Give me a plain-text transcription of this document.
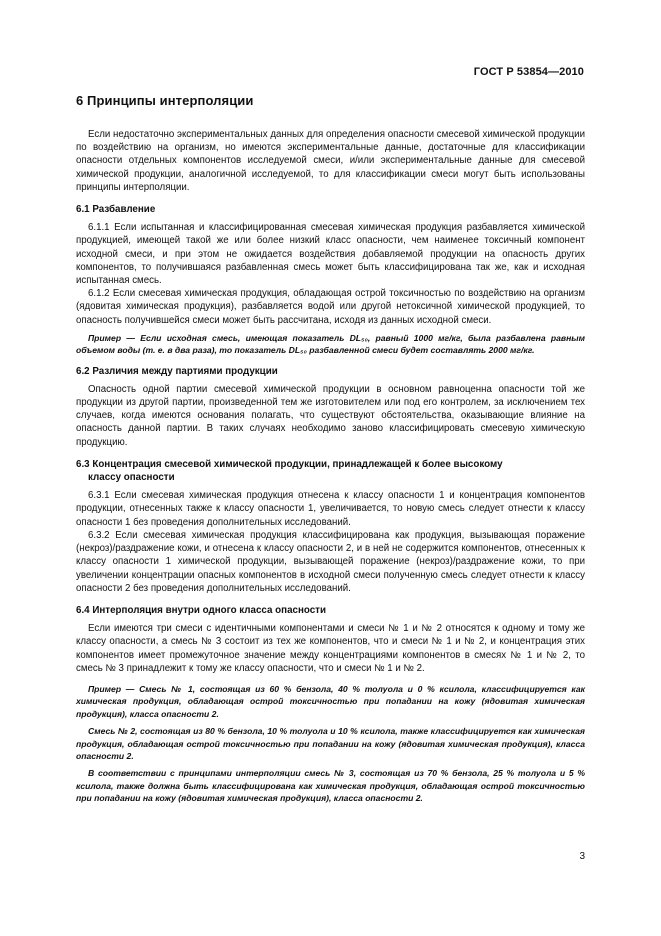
ГОСТ Р 53854—2010
6 Принципы интерполяции

Если недостаточно экспериментальных данных для определения опасности смесевой химической продукции по воздействию на организм, но имеются экспериментальные данные, достаточные для классификации опасности отдельных компонентов исследуемой смеси, и/или экспериментальные данные для смесевой химической продукции, аналогичной исследуемой, то для классификации смеси могут быть использованы принципы интерполяции.

6.1 Разбавление

6.1.1 Если испытанная и классифицированная смесевая химическая продукция разбавляется химической продукцией, имеющей такой же или более низкий класс опасности, чем наименее токсичный компонент исходной смеси, и при этом не ожидается воздействия добавляемой продукции на опасность других компонентов, то получившаяся разбавленная смесь может быть классифицирована так же, как и исходная испытанная смесь.

6.1.2 Если смесевая химическая продукция, обладающая острой токсичностью по воздействию на организм (ядовитая химическая продукция), разбавляется водой или другой нетоксичной химической продукцией, то опасность получившейся смеси может быть рассчитана, исходя из данных исходной смеси.

Пример — Если исходная смесь, имеющая показатель DL₅₀, равный 1000 мг/кг, была разбавлена равным объемом воды (т. е. в два раза), то показатель DL₅₀ разбавленной смеси будет составлять 2000 мг/кг.

6.2 Различия между партиями продукции

Опасность одной партии смесевой химической продукции в основном равноценна опасности той же продукции из другой партии, произведенной тем же изготовителем или под его контролем, за исключением тех случаев, когда имеются основания полагать, что существуют обстоятельства, оказывающие влияние на опасность данной партии. В таких случаях необходимо заново классифицировать смесевую химическую продукцию.

6.3 Концентрация смесевой химической продукции, принадлежащей к более высокому
классу опасности

6.3.1 Если смесевая химическая продукция отнесена к классу опасности 1 и концентрация компонентов продукции, отнесенных также к классу опасности 1, увеличивается, то новую смесь следует отнести к классу опасности 1 без проведения дополнительных исследований.

6.3.2 Если смесевая химическая продукция классифицирована как продукция, вызывающая поражение (некроз)/раздражение кожи, и отнесена к классу опасности 2, и в ней не содержится компонентов, отнесенных к классу опасности 1 химической продукции, вызывающей поражение (некроз)/раздражение кожи, то при увеличении концентрации опасных компонентов в исходной смеси полученную смесь следует отнести к классу опасности 2 без проведения дополнительных исследований.

6.4 Интерполяция внутри одного класса опасности

Если имеются три смеси с идентичными компонентами и смеси № 1 и № 2 относятся к одному и тому же классу опасности, а смесь № 3 состоит из тех же компонентов, что и смеси № 1 и № 2, и концентрация этих компонентов имеет промежуточное значение между концентрациями компонентов в смесях № 1 и № 2, то смесь № 3 принадлежит к тому же классу опасности, что и смеси № 1 и № 2.

Пример — Смесь № 1, состоящая из 60 % бензола, 40 % толуола и 0 % ксилола, классифицируется как химическая продукция, обладающая острой токсичностью при попадании на кожу (ядовитая химическая продукция), класса опасности 2.

Смесь № 2, состоящая из 80 % бензола, 10 % толуола и 10 % ксилола, также классифицируется как химическая продукция, обладающая острой токсичностью при попадании на кожу (ядовитая химическая продукция), класса опасности 2.

В соответствии с принципами интерполяции смесь № 3, состоящая из 70 % бензола, 25 % толуола и 5 % ксилола, также должна быть классифицирована как химическая продукция, обладающая острой токсичностью при попадании на кожу (ядовитая химическая продукция), класса опасности 2.

3
